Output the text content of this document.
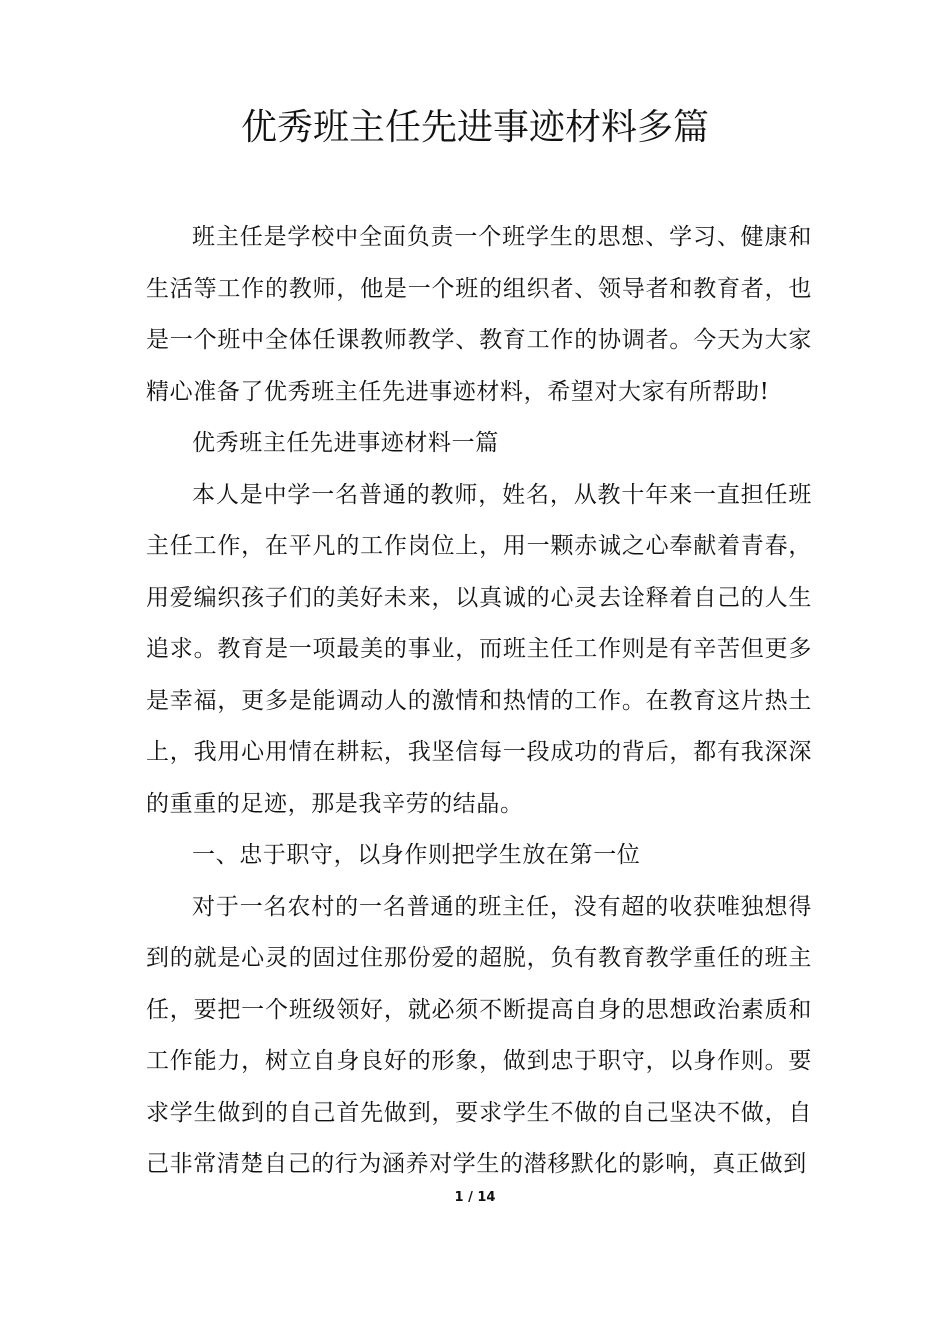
优秀班主任先进事迹材料多篇

班主任是学校中全面负责一个班学生的思想、学习、健康和生活等工作的教师，他是一个班的组织者、领导者和教育者，也是一个班中全体任课教师教学、教育工作的协调者。今天为大家精心准备了优秀班主任先进事迹材料，希望对大家有所帮助!

优秀班主任先进事迹材料一篇

本人是中学一名普通的教师，姓名，从教十年来一直担任班主任工作，在平凡的工作岗位上，用一颗赤诚之心奉献着青春，用爱编织孩子们的美好未来，以真诚的心灵去诠释着自己的人生追求。教育是一项最美的事业，而班主任工作则是有辛苦但更多是幸福，更多是能调动人的激情和热情的工作。在教育这片热土上，我用心用情在耕耘，我坚信每一段成功的背后，都有我深深的重重的足迹，那是我辛劳的结晶。

一、忠于职守，以身作则把学生放在第一位

对于一名农村的一名普通的班主任，没有超的收获唯独想得到的就是心灵的固过住那份爱的超脱，负有教育教学重任的班主任，要把一个班级领好，就必须不断提高自身的思想政治素质和工作能力，树立自身良好的形象，做到忠于职守，以身作则。要求学生做到的自己首先做到，要求学生不做的自己坚决不做，自己非常清楚自己的行为涵养对学生的潜移默化的影响，真正做到

1 / 14
